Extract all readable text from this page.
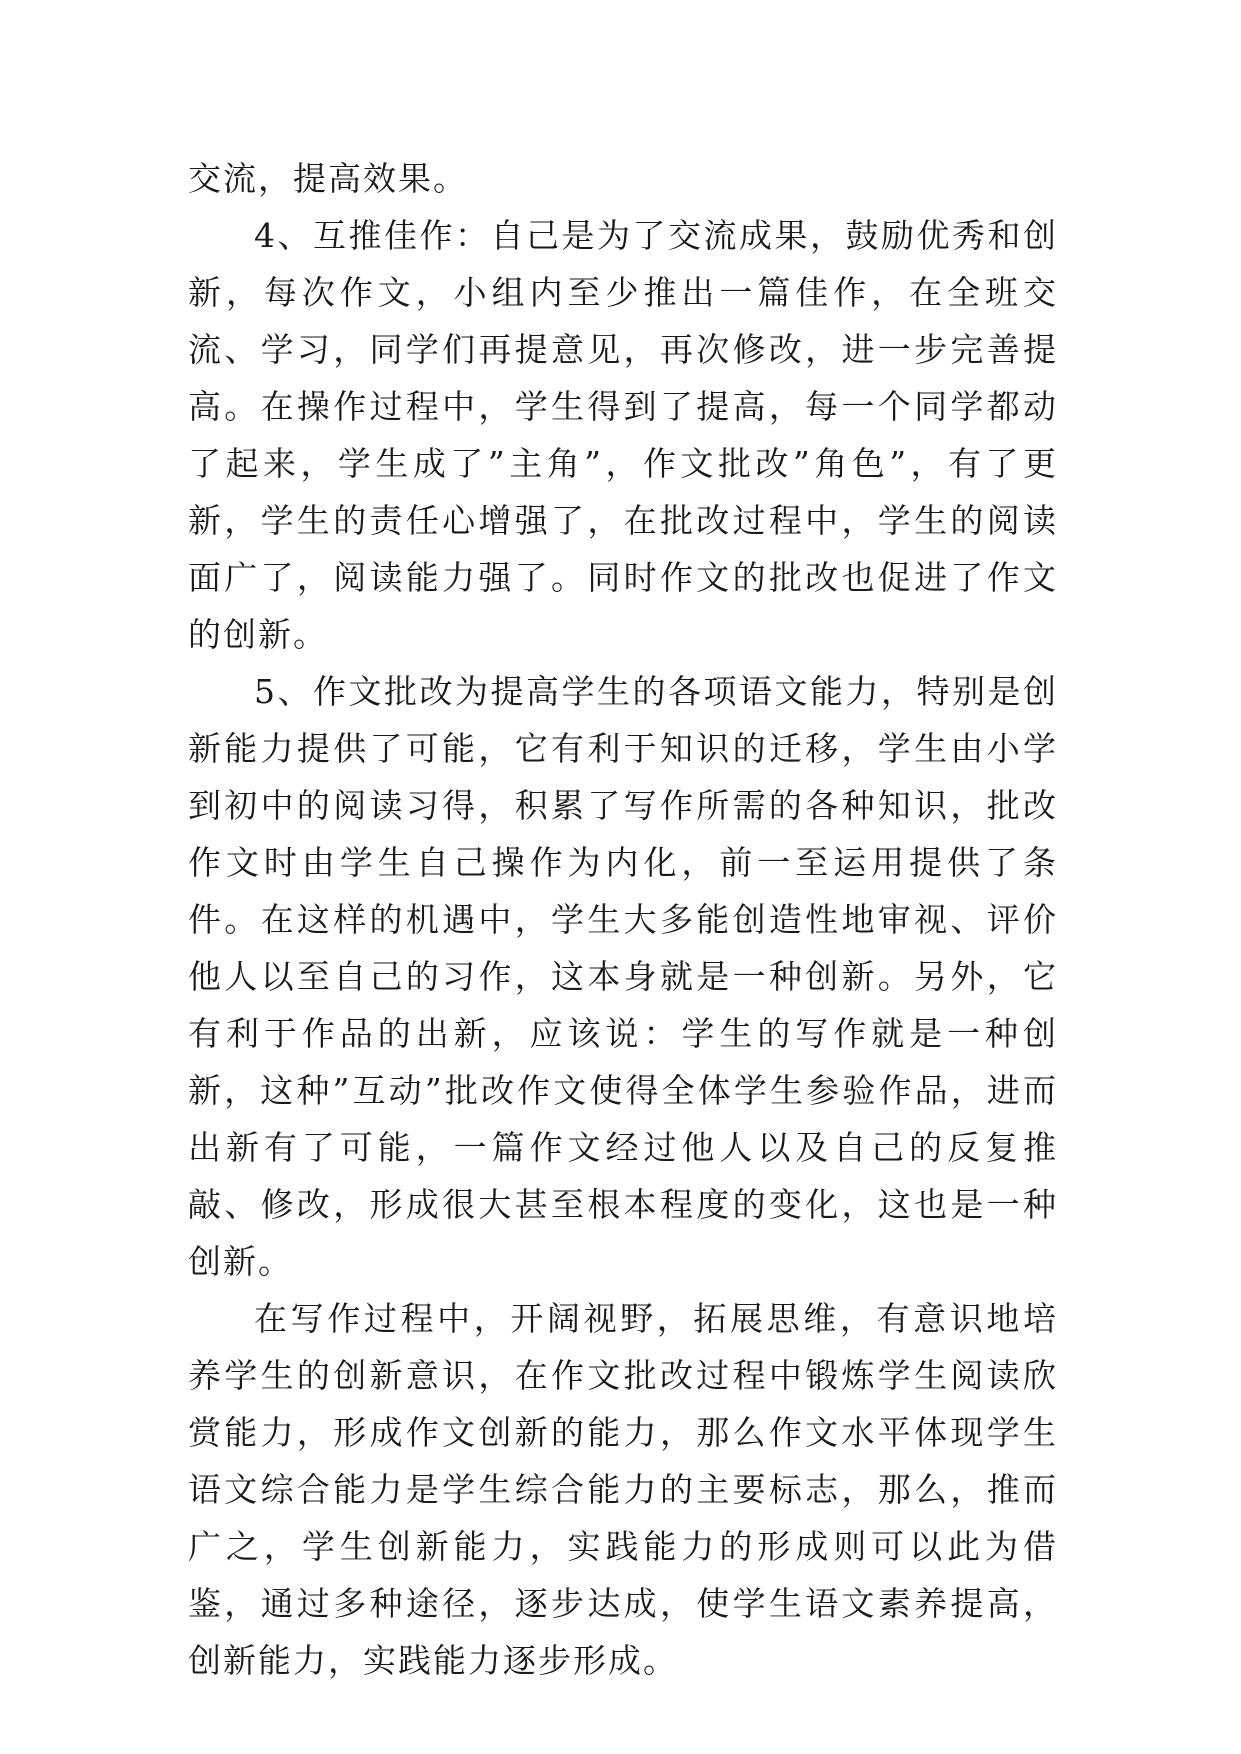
交流，提高效果。

4、互推佳作：自己是为了交流成果，鼓励优秀和创新，每次作文，小组内至少推出一篇佳作，在全班交流、学习，同学们再提意见，再次修改，进一步完善提高。在操作过程中，学生得到了提高，每一个同学都动了起来，学生成了”主角”，作文批改”角色”，有了更新，学生的责任心增强了，在批改过程中，学生的阅读面广了，阅读能力强了。同时作文的批改也促进了作文的创新。

5、作文批改为提高学生的各项语文能力，特别是创新能力提供了可能，它有利于知识的迁移，学生由小学到初中的阅读习得，积累了写作所需的各种知识，批改作文时由学生自己操作为内化，前一至运用提供了条件。在这样的机遇中，学生大多能创造性地审视、评价他人以至自己的习作，这本身就是一种创新。另外，它有利于作品的出新，应该说：学生的写作就是一种创新，这种”互动”批改作文使得全体学生参验作品，进而出新有了可能，一篇作文经过他人以及自己的反复推敲、修改，形成很大甚至根本程度的变化，这也是一种创新。

在写作过程中，开阔视野，拓展思维，有意识地培养学生的创新意识，在作文批改过程中锻炼学生阅读欣赏能力，形成作文创新的能力，那么作文水平体现学生语文综合能力是学生综合能力的主要标志，那么，推而广之，学生创新能力，实践能力的形成则可以此为借鉴，通过多种途径，逐步达成，使学生语文素养提高，创新能力，实践能力逐步形成。
